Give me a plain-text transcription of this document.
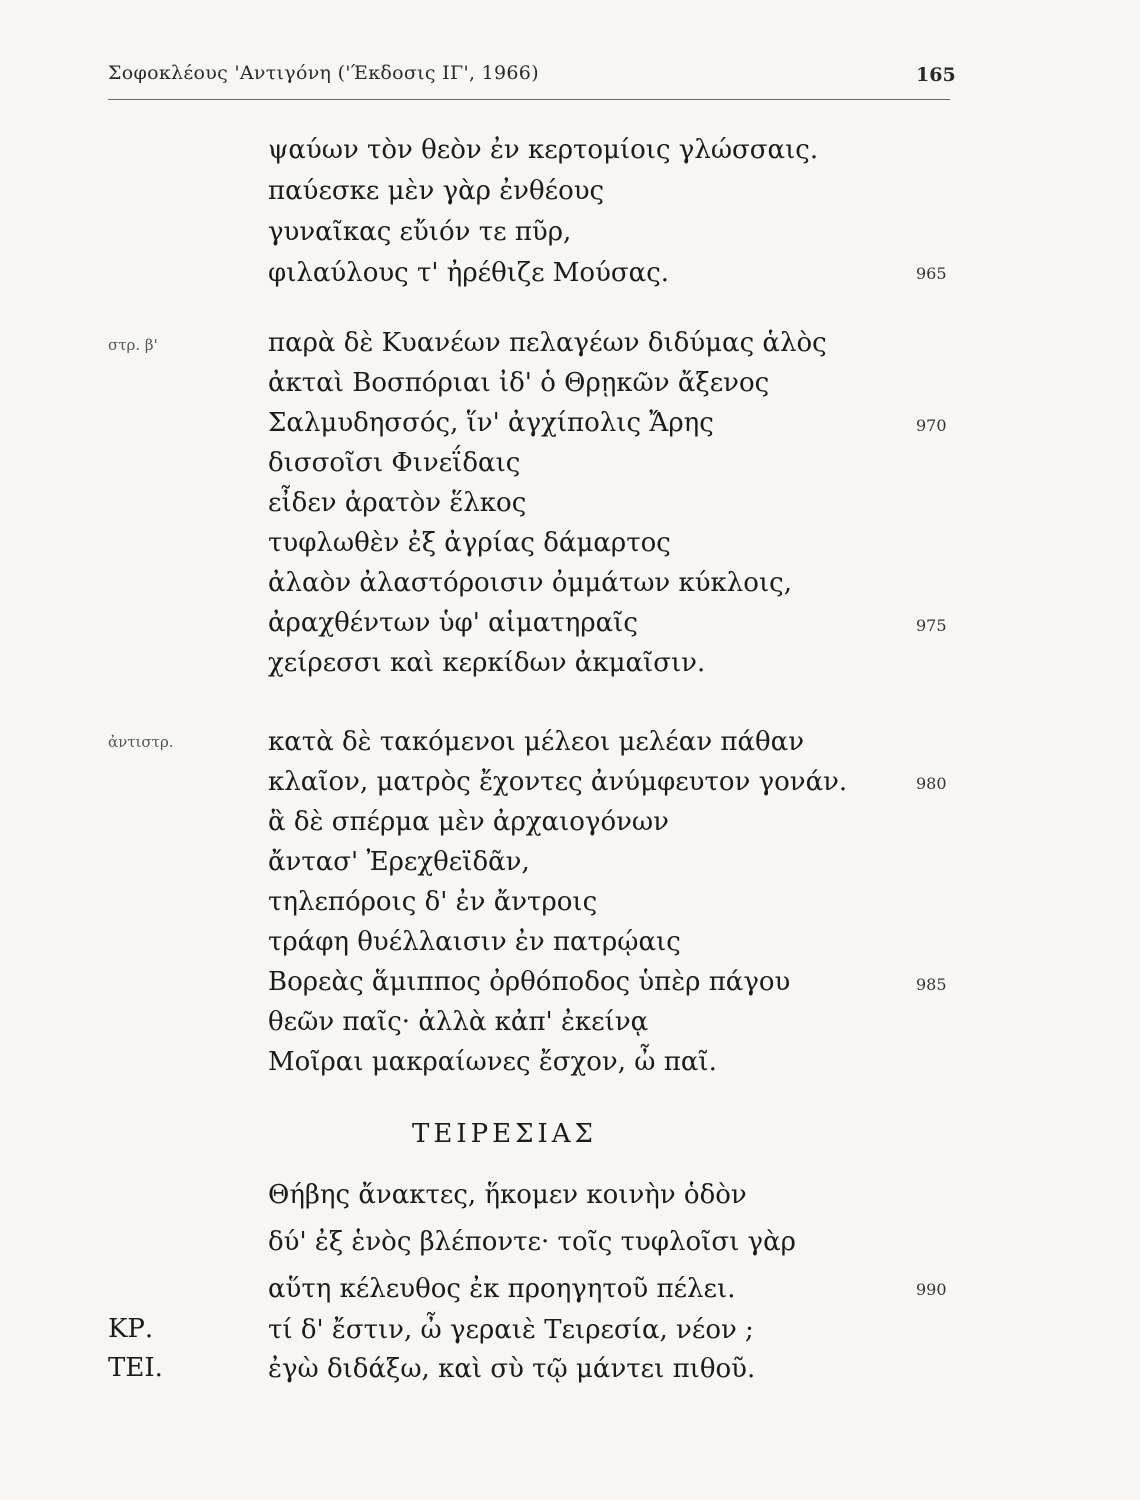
Σοφοκλέους 'Αντιγόνη ('Έκδοσις ΙΓ', 1966)	165
ψαύων τὸν θεὸν ἐν κερτομίοις γλώσσαις.
παύεσκε μὲν γὰρ ἐνθέους
γυναῖκας εὔιόν τε πῦρ,
φιλαύλους τ' ἠρέθιζε Μούσας.	965
στρ. β'	παρὰ δὲ Κυανέων πελαγέων διδύμας ἁλὸς
ἀκταὶ Βοσπόριαι ἰδ' ὁ Θρῃκῶν ἄξενος
Σαλμυδησσός, ἵν' ἀγχίπολις Ἄρης	970
δισσοῖσι Φινεΐδαις
εἶδεν ἀρατὸν ἕλκος
τυφλωθὲν ἐξ ἀγρίας δάμαρτος
ἀλαὸν ἀλαστόροισιν ὀμμάτων κύκλοις,
ἀραχθέντων ὑφ' αἱματηραῖς	975
χείρεσσι καὶ κερκίδων ἀκμαῖσιν.
ἀντιστρ.	κατὰ δὲ τακόμενοι μέλεοι μελέαν πάθαν
κλαῖον, ματρὸς ἔχοντες ἀνύμφευτον γονάν.	980
ἃ δὲ σπέρμα μὲν ἀρχαιογόνων
ἄντασ' Ἐρεχθεϊδᾶν,
τηλεπόροις δ' ἐν ἄντροις
τράφη θυέλλαισιν ἐν πατρῴαις
Βορεὰς ἅμιππος ὀρθόποδος ὑπὲρ πάγου	985
θεῶν παῖς· ἀλλὰ κἀπ' ἐκείνᾳ
Μοῖραι μακραίωνες ἔσχον, ὦ παῖ.
ΤΕΙΡΕΣΙΑΣ
Θήβης ἄνακτες, ἥκομεν κοινὴν ὁδὸν
δύ' ἐξ ἑνὸς βλέποντε· τοῖς τυφλοῖσι γὰρ
αὕτη κέλευθος ἐκ προηγητοῦ πέλει.	990
ΚΡ.	τί δ' ἔστιν, ὦ γεραιὲ Τειρεσία, νέον ;
ΤΕΙ.	ἐγὼ διδάξω, καὶ σὺ τῷ μάντει πιθοῦ.
